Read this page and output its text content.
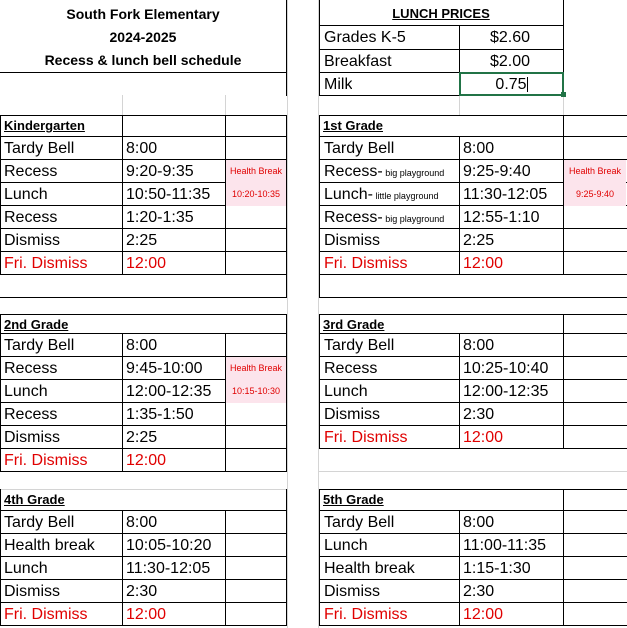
South Fork Elementary
2024-2025
Recess & lunch bell schedule
LUNCH PRICES
Grades K-5	$2.60
Breakfast	$2.00
Milk	0.75
Kindergarten
Health Break
10:20-10:35
Tardy Bell	8:00
Recess	9:20-9:35
Lunch	10:50-11:35
Recess	1:20-1:35
Dismiss	2:25
Fri. Dismiss 12:00
1st Grade
Health Break
9:25-9:40
Tardy Bell	8:00
Recess- big playground 9:25-9:40
Lunch- little playground 11:30-12:05
Recess- big playground 12:55-1:10
Dismiss	2:25
Fri. Dismiss	12:00
2nd Grade
Health Break
10:15-10:30
Tardy Bell	8:00
Recess	9:45-10:00
Lunch	12:00-12:35
Recess	1:35-1:50
Dismiss	2:25
Fri. Dismiss 12:00
3rd Grade
Tardy Bell	8:00
Recess	10:25-10:40
Lunch	12:00-12:35
Dismiss	2:30
Fri. Dismiss	12:00
4th Grade
Tardy Bell	8:00
Health break 10:05-10:20
Lunch	11:30-12:05
Dismiss	2:30
Fri. Dismiss 12:00
5th Grade
Tardy Bell	8:00
Lunch	11:00-11:35
Health break	1:15-1:30
Dismiss	2:30
Fri. Dismiss	12:00
